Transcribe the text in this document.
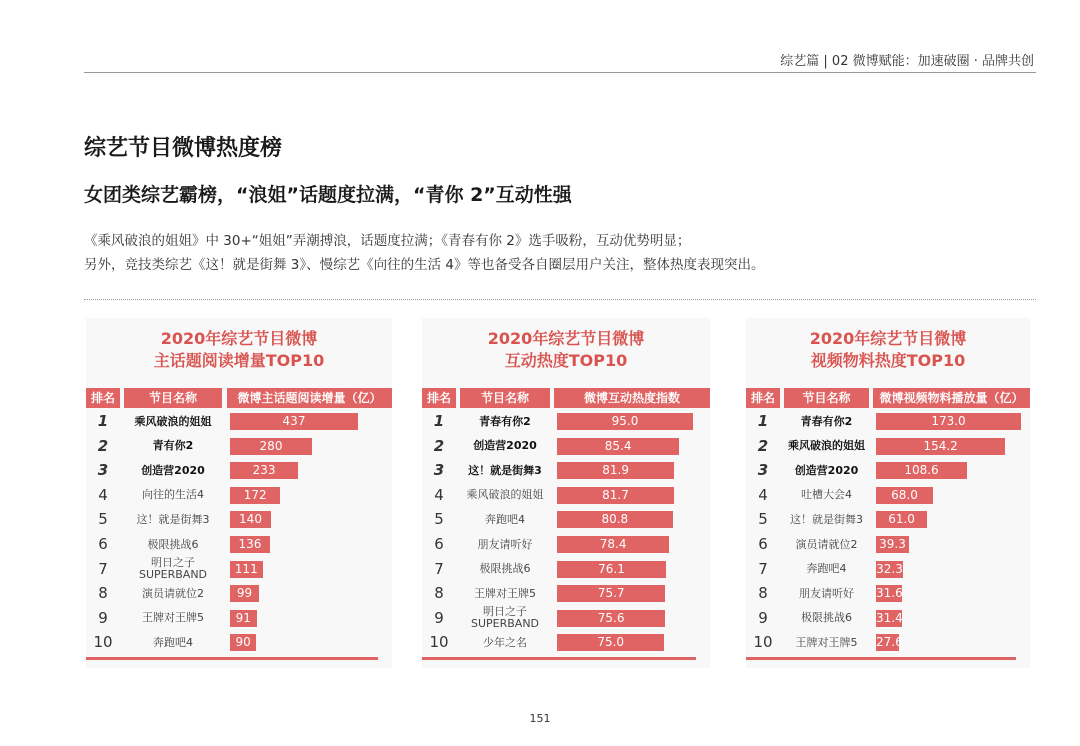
综艺篇 | 02 微博赋能：加速破圈 · 品牌共创
综艺节目微博热度榜
女团类综艺霸榜，“浪姐”话题度拉满，“青你 2”互动性强
《乘风破浪的姐姐》中 30+“姐姐”弄潮搏浪，话题度拉满；《青春有你 2》选手吸粉，互动优势明显；
另外，竞技类综艺《这！就是街舞 3》、慢综艺《向往的生活 4》等也备受各自圈层用户关注，整体热度表现突出。
2020年综艺节目微博
主话题阅读增量TOP10
排名	节目名称	微博主话题阅读增量（亿）
1	乘风破浪的姐姐	437
2	青有你2	280
3	创造营2020	233
4	向往的生活4	172
5	这！就是街舞3	140
6	极限挑战6	136
7	明日之子
SUPERBAND	111
8	演员请就位2	99
9	王牌对王牌5	91
10	奔跑吧4	90
2020年综艺节目微博
互动热度TOP10
排名	节目名称	微博互动热度指数
1	青春有你2	95.0
2	创造营2020	85.4
3	这！就是街舞3	81.9
4	乘风破浪的姐姐	81.7
5	奔跑吧4	80.8
6	朋友请听好	78.4
7	极限挑战6	76.1
8	王牌对王牌5	75.7
9	明日之子
SUPERBAND	75.6
10	少年之名	75.0
2020年综艺节目微博
视频物料热度TOP10
排名	节目名称	微博视频物料播放量（亿）
1	青春有你2	173.0
2	乘风破浪的姐姐	154.2
3	创造营2020	108.6
4	吐槽大会4	68.0
5	这！就是街舞3	61.0
6	演员请就位2	39.3
7	奔跑吧4	32.3
8	朋友请听好	31.6
9	极限挑战6	31.4
10	王牌对王牌5	27.6
151
